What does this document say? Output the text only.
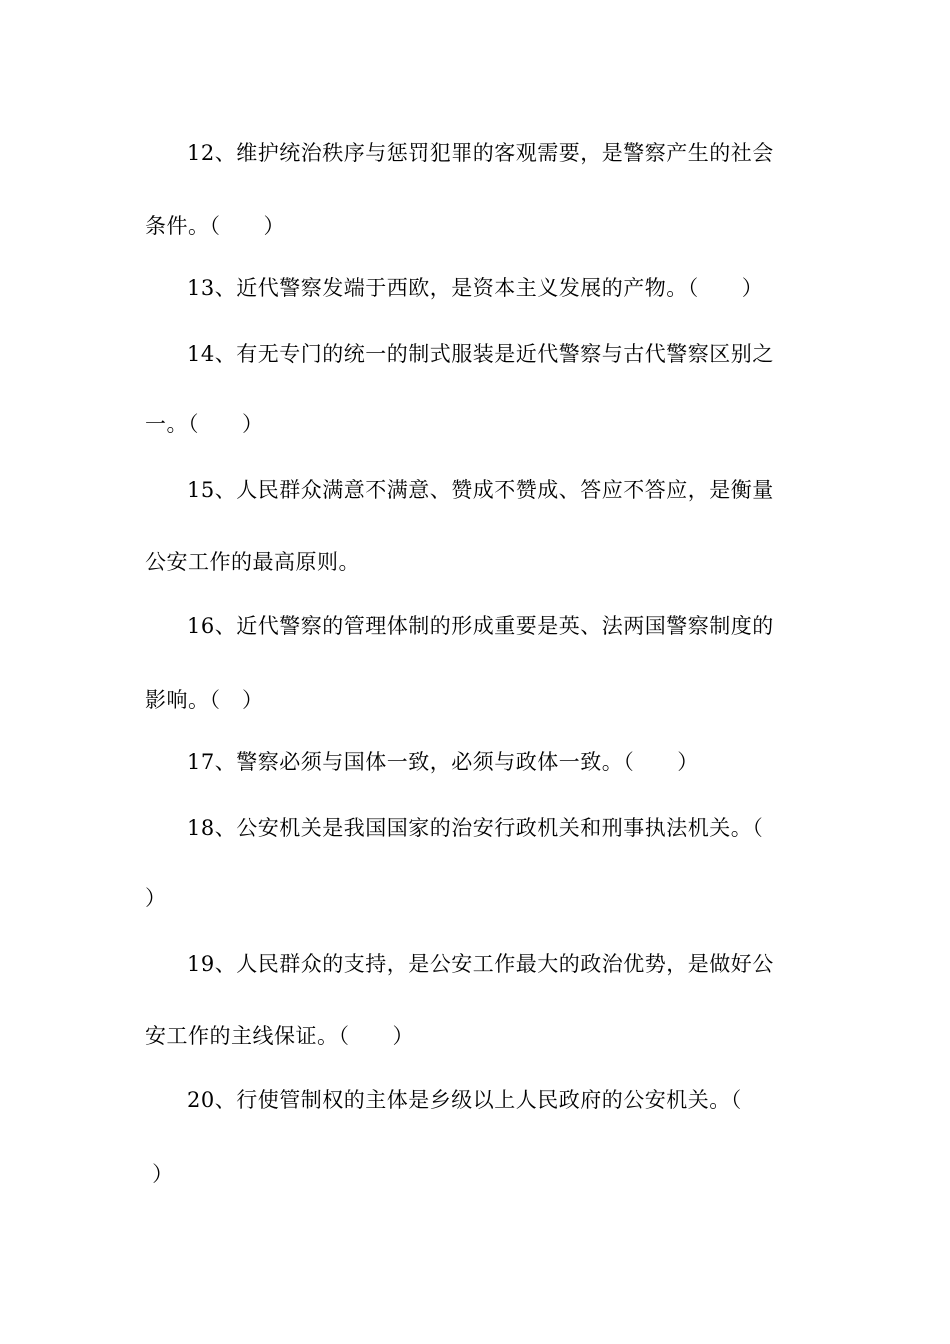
12、维护统治秩序与惩罚犯罪的客观需要，是警察产生的社会
条件。（　　）
13、近代警察发端于西欧，是资本主义发展的产物。（　　）
14、有无专门的统一的制式服装是近代警察与古代警察区别之
一。（　　）
15、人民群众满意不满意、赞成不赞成、答应不答应，是衡量
公安工作的最高原则。
16、近代警察的管理体制的形成重要是英、法两国警察制度的
影响。（　）
17、警察必须与国体一致，必须与政体一致。（　　）
18、公安机关是我国国家的治安行政机关和刑事执法机关。（
）
19、人民群众的支持，是公安工作最大的政治优势，是做好公
安工作的主线保证。（　　）
20、行使管制权的主体是乡级以上人民政府的公安机关。（
）
